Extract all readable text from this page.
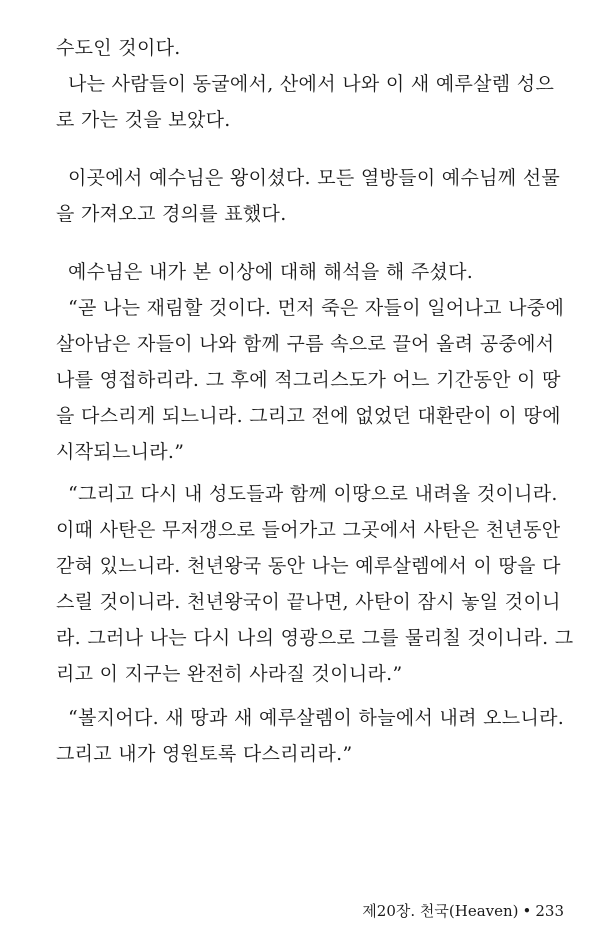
수도인 것이다.
나는 사람들이 동굴에서, 산에서 나와 이 새 예루살렘 성으
로 가는 것을 보았다.
이곳에서 예수님은 왕이셨다. 모든 열방들이 예수님께 선물
을 가져오고 경의를 표했다.
예수님은 내가 본 이상에 대해 해석을 해 주셨다.
“곧 나는 재림할 것이다. 먼저 죽은 자들이 일어나고 나중에
살아남은 자들이 나와 함께 구름 속으로 끌어 올려 공중에서
나를 영접하리라. 그 후에 적그리스도가 어느 기간동안 이 땅
을 다스리게 되느니라. 그리고 전에 없었던 대환란이 이 땅에
시작되느니라.”
“그리고 다시 내 성도들과 함께 이땅으로 내려올 것이니라.
이때 사탄은 무저갱으로 들어가고 그곳에서 사탄은 천년동안
갇혀 있느니라. 천년왕국 동안 나는 예루살렘에서 이 땅을 다
스릴 것이니라. 천년왕국이 끝나면, 사탄이 잠시 놓일 것이니
라. 그러나 나는 다시 나의 영광으로 그를 물리칠 것이니라. 그
리고 이 지구는 완전히 사라질 것이니라.”
“볼지어다. 새 땅과 새 예루살렘이 하늘에서 내려 오느니라.
그리고 내가 영원토록 다스리리라.”
제20장. 천국(Heaven) • 233
